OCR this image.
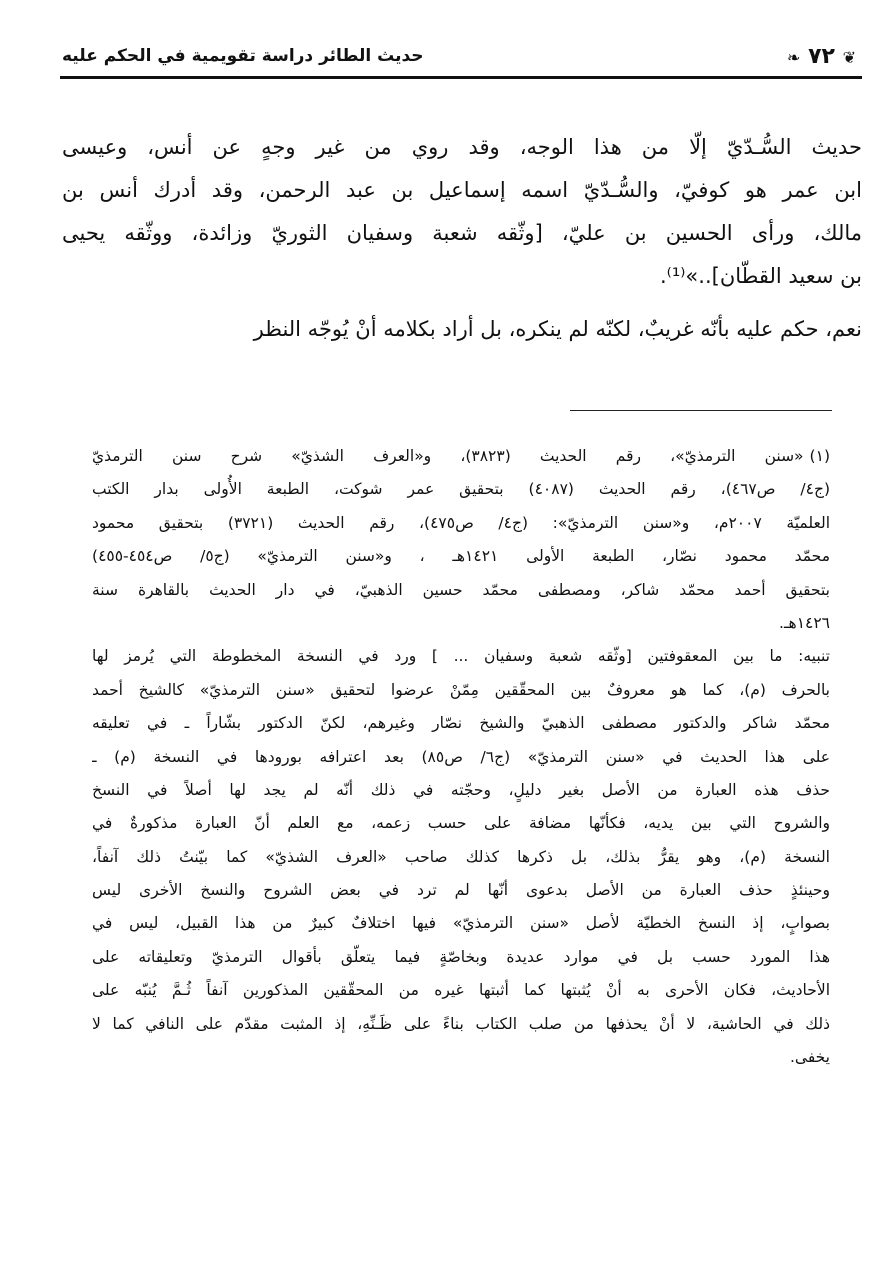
❦ ٧٢ ❧
حديث الطائر دراسة تقويمية في الحكم عليه
حديث السُّـدّيّ إلّا من هذا الوجه، وقد روي من غير وجهٍ عن أنس، وعيسى
ابن عمر هو كوفيّ، والسُّـدّيّ اسمه إسماعيل بن عبد الرحمن، وقد أدرك أنس بن
مالك، ورأى الحسين بن عليّ، [وثّقه شعبة وسفيان الثوريّ وزائدة، ووثّقه يحيى
بن سعيد القطّان]..»⁽¹⁾.
نعم، حكم عليه بأنّه غريبٌ، لكنّه لم ينكره، بل أراد بكلامه أنْ يُوجّه النظر
(١)«سنن الترمذيّ»، رقم الحديث (٣٨٢٣)، و«العرف الشذيّ» شرح سنن الترمذيّ
(ج٤/ ص٤٦٧)، رقم الحديث (٤٠٨٧) بتحقيق عمر شوكت، الطبعة الأُولى بدار الكتب
العلميّة ٢٠٠٧م، و«سنن الترمذيّ»: (ج٤/ ص٤٧٥)، رقم الحديث (٣٧٢١) بتحقيق محمود
محمّد محمود نصّار، الطبعة الأولى ١٤٢١هـ ، و«سنن الترمذيّ» (ج٥/ ص٤٥٤-٤٥٥)
بتحقيق أحمد محمّد شاكر، ومصطفى محمّد حسين الذهبيّ، في دار الحديث بالقاهرة سنة
١٤٢٦هـ.
تنبيه: ما بين المعقوفتين [وثّقه شعبة وسفيان ... ] ورد في النسخة المخطوطة التي يُرمز لها
بالحرف (م)، كما هو معروفٌ بين المحقّقين مِمّنْ عرضوا لتحقيق «سنن الترمذيّ» كالشيخ أحمد
محمّد شاكر والدكتور مصطفى الذهبيّ والشيخ نصّار وغيرهم، لكنّ الدكتور بشّاراً ـ في تعليقه
على هذا الحديث في «سنن الترمذيّ» (ج٦/ ص٨٥) بعد اعترافه بورودها في النسخة (م) ـ
حذف هذه العبارة من الأصل بغير دليلٍ، وحجّته في ذلك أنّه لم يجد لها أصلاً في النسخ
والشروح التي بين يديه، فكأنّها مضافة على حسب زعمه، مع العلم أنّ العبارة مذكورةٌ في
النسخة (م)، وهو يقرُّ بذلك، بل ذكرها كذلك صاحب «العرف الشذيّ» كما بيّنتُ ذلك آنفاً،
وحينئذٍ حذف العبارة من الأصل بدعوى أنّها لم ترد في بعض الشروح والنسخ الأخرى ليس
بصوابٍ، إذ النسخ الخطيّة لأصل «سنن الترمذيّ» فيها اختلافٌ كبيرٌ من هذا القبيل، ليس في
هذا المورد حسب بل في موارد عديدة وبخاصّةٍ فيما يتعلّق بأقوال الترمذيّ وتعليقاته على
الأحاديث، فكان الأحرى به أنْ يُثبتها كما أثبتها غيره من المحقّقين المذكورين آنفاً ثُـمَّ يُنبّه على
ذلك في الحاشية، لا أنْ يحذفها من صلب الكتاب بناءً على ظَـنِّهِ، إذ المثبت مقدّم على النافي كما لا
يخفى.
